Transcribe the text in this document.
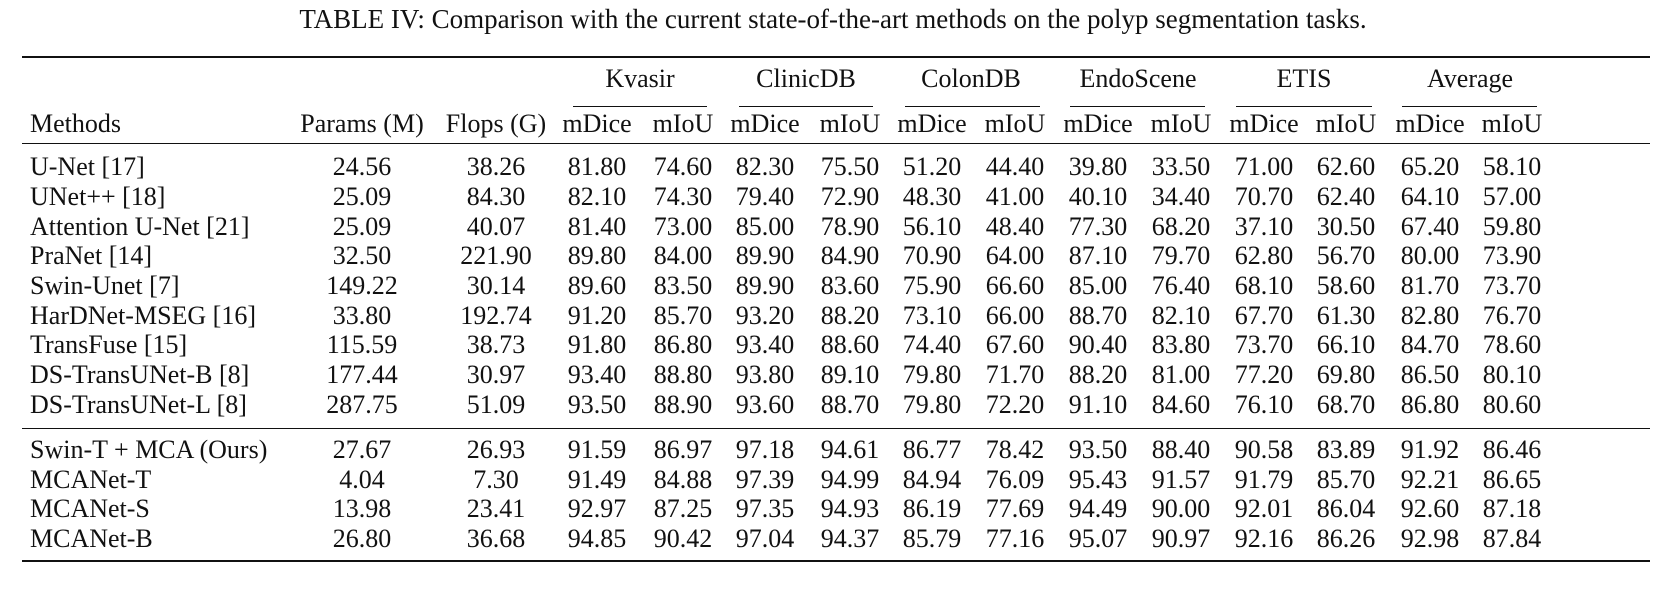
TABLE IV: Comparison with the current state-of-the-art methods on the polyp segmentation tasks.
Kvasir	ClinicDB	ColonDB	EndoScene	ETIS	Average
Methods	Params (M) Flops (G) mDice mIoU mDice mIoU mDice mIoU mDice mIoU mDice mIoU mDice mIoU
U-Net [17]	24.56	38.26	81.80	74.60 82.30	75.50 51.20 44.40 39.80 33.50 71.00 62.60 65.20 58.10
UNet++ [18]	25.09	84.30	82.10	74.30 79.40	72.90 48.30 41.00 40.10 34.40 70.70 62.40 64.10 57.00
Attention U-Net [21]	25.09	40.07	81.40	73.00 85.00	78.90 56.10 48.40 77.30 68.20 37.10 30.50 67.40 59.80
PraNet [14]	32.50	221.90	89.80	84.00 89.90	84.90 70.90 64.00 87.10 79.70 62.80 56.70 80.00 73.90
Swin-Unet [7]	149.22	30.14	89.60	83.50 89.90	83.60 75.90 66.60 85.00 76.40 68.10 58.60 81.70 73.70
HarDNet-MSEG [16]	33.80	192.74	91.20	85.70 93.20	88.20 73.10 66.00 88.70 82.10 67.70 61.30 82.80 76.70
TransFuse [15]	115.59	38.73	91.80	86.80 93.40	88.60 74.40 67.60 90.40 83.80 73.70 66.10 84.70 78.60
DS-TransUNet-B [8]	177.44	30.97	93.40	88.80 93.80	89.10 79.80 71.70 88.20 81.00 77.20 69.80 86.50 80.10
DS-TransUNet-L [8]	287.75	51.09	93.50	88.90 93.60	88.70 79.80 72.20 91.10 84.60 76.10 68.70 86.80 80.60
Swin-T + MCA (Ours)	27.67	26.93	91.59	86.97 97.18	94.61 86.77 78.42 93.50 88.40 90.58 83.89 91.92 86.46
MCANet-T	4.04	7.30	91.49	84.88 97.39	94.99 84.94 76.09 95.43 91.57 91.79 85.70 92.21 86.65
MCANet-S	13.98	23.41	92.97	87.25 97.35	94.93 86.19 77.69 94.49 90.00 92.01 86.04 92.60 87.18
MCANet-B	26.80	36.68	94.85	90.42 97.04	94.37 85.79 77.16 95.07 90.97 92.16 86.26 92.98 87.84
